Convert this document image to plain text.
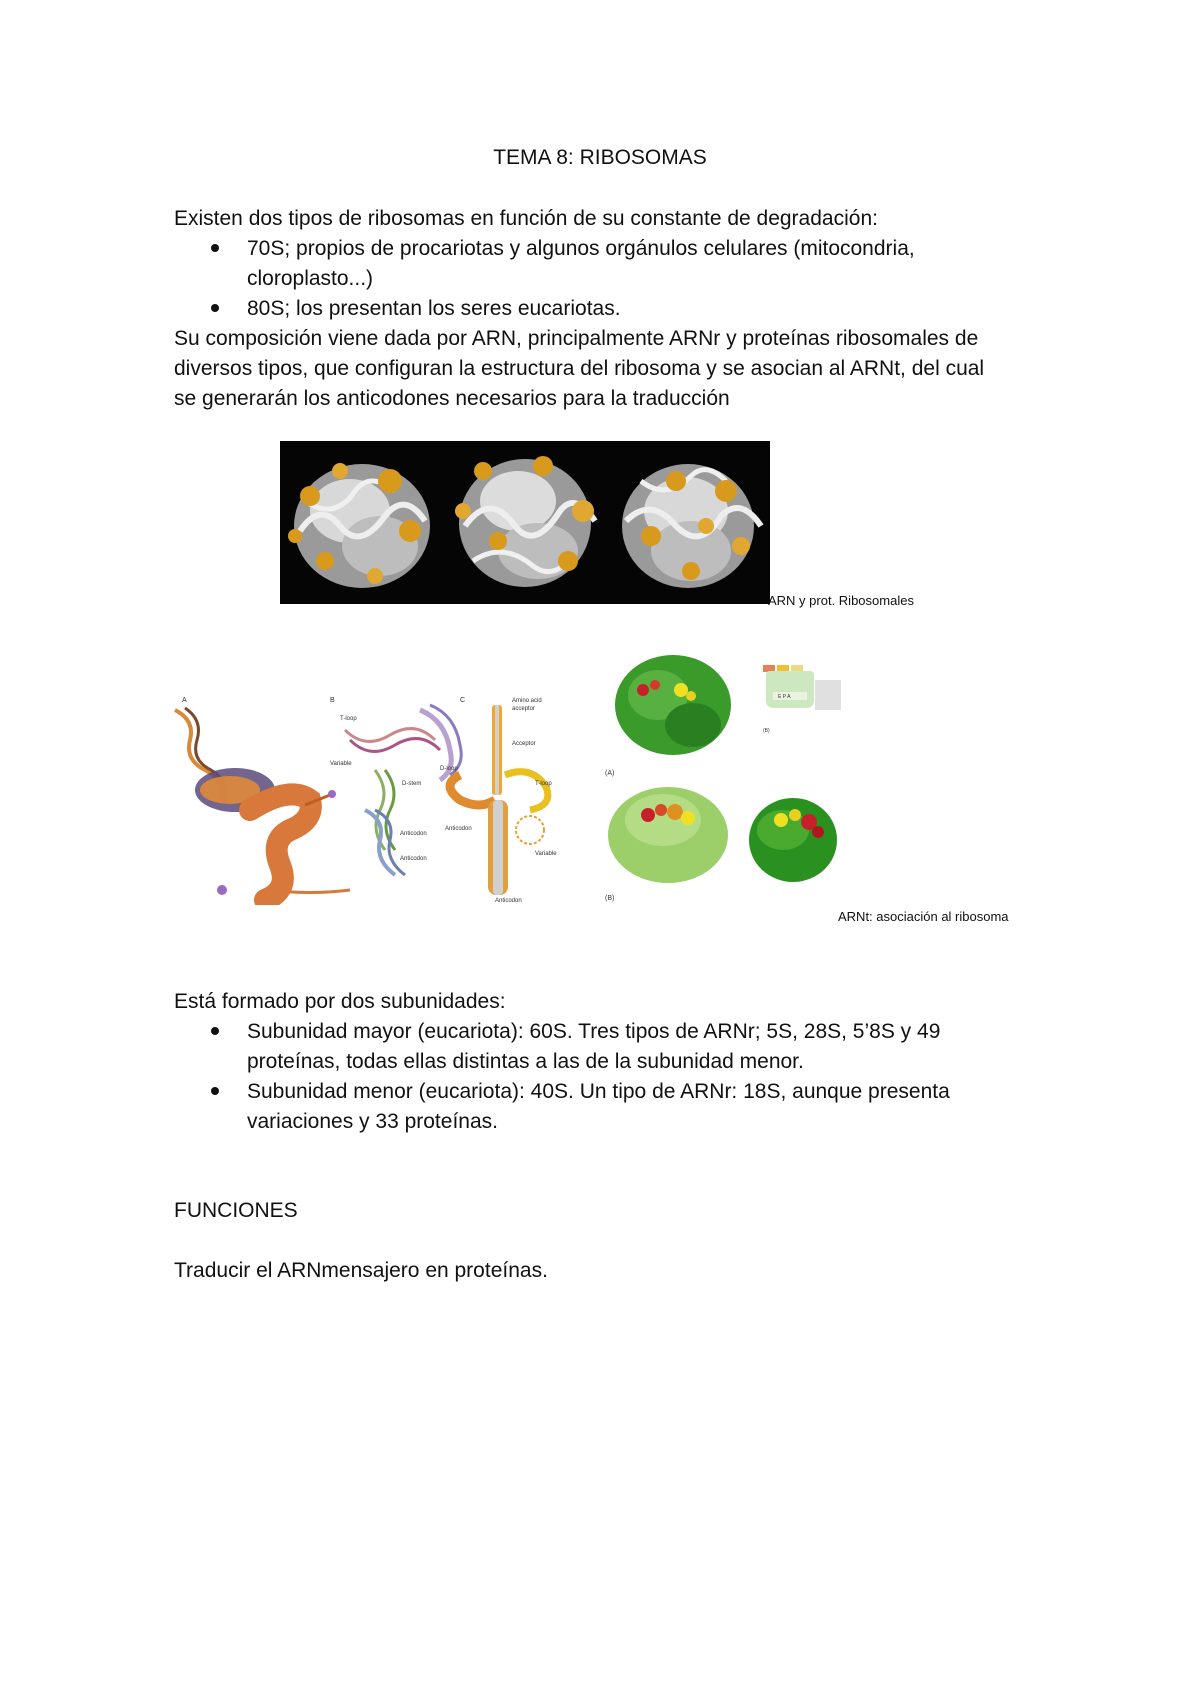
TEMA 8: RIBOSOMAS
Existen dos tipos de ribosomas en función de su constante de degradación:
70S; propios de procariotas y algunos orgánulos celulares (mitocondria,
cloroplasto...)
80S; los presentan los seres eucariotas.
Su composición viene dada por ARN, principalmente ARNr y proteínas ribosomales de
diversos tipos, que configuran la estructura del ribosoma y se asocian al ARNt, del cual
se generarán los anticodones necesarios para la traducción
ARN y prot. Ribosomales
A	B
T-loop
Variable
D-stem
Anticodon
Anticodon
C	Amino acid
acceptor
Acceptor
T-loop
D-loop
Anticodon
Variable
Anticodon
(A)
E P A
(B)
(B)
ARNt: asociación al ribosoma
Está formado por dos subunidades:
Subunidad mayor (eucariota): 60S. Tres tipos de ARNr; 5S, 28S, 5’8S y 49
proteínas, todas ellas distintas a las de la subunidad menor.
Subunidad menor (eucariota): 40S. Un tipo de ARNr: 18S, aunque presenta
variaciones y 33 proteínas.
FUNCIONES
Traducir el ARNmensajero en proteínas.
